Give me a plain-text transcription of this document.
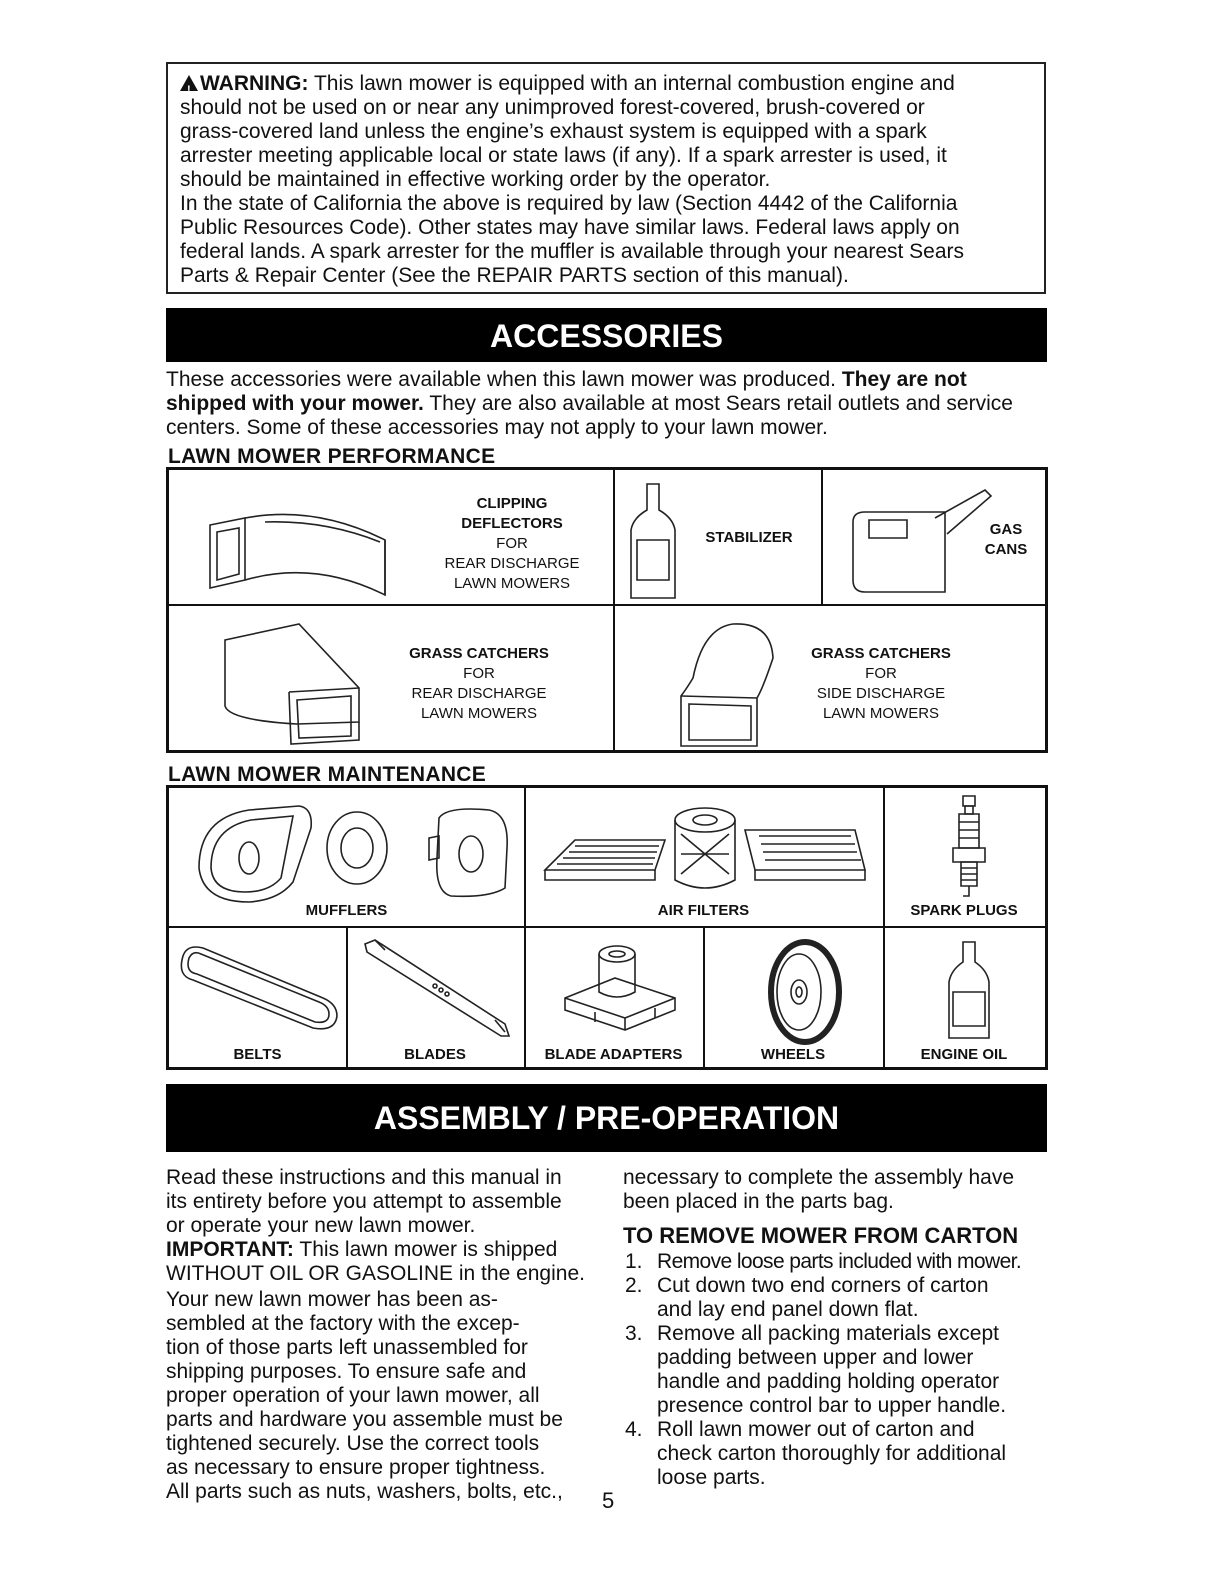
!WARNING: This lawn mower is equipped with an internal combustion engine and

should not be used on or near any unimproved forest-covered, brush-covered or

grass-covered land unless the engine’s exhaust system is equipped with a spark

arrester meeting applicable local or state laws (if any). If a spark arrester is used, it

should be maintained in effective working order by the operator.

In the state of California the above is required by law (Section 4442 of the California

Public Resources Code). Other states may have similar laws. Federal laws apply on

federal lands. A spark arrester for the muffler is available through your nearest Sears

Parts & Repair Center (See the REPAIR PARTS section of this manual).

ACCESSORIES
These accessories were available when this lawn mower was produced. They are not shipped with your mower. They are also available at most Sears retail outlets and service centers. Some of these accessories may not apply to your lawn mower.
LAWN MOWER PERFORMANCE
CLIPPING
DEFLECTORS
FOR
REAR DISCHARGE
LAWN MOWERS
STABILIZER	GAS
CANS
GRASS CATCHERS
FOR
REAR DISCHARGE
LAWN MOWERS
GRASS CATCHERS
FOR
SIDE DISCHARGE
LAWN MOWERS
LAWN MOWER MAINTENANCE
MUFFLERS	AIR FILTERS	SPARK PLUGS
BELTS	BLADES	BLADE ADAPTERS	WHEELS	ENGINE OIL
ASSEMBLY / PRE-OPERATION

Read these instructions and this manual in

its entirety before you attempt to assemble

or operate your new lawn mower.

IMPORTANT: This lawn mower is shipped

WITHOUT OIL OR GASOLINE in the engine.

Your new lawn mower has been as-

sembled at the factory with the excep-

tion of those parts left unassembled for

shipping purposes. To ensure safe and

proper operation of your lawn mower, all

parts and hardware you assemble must be

tightened securely. Use the correct tools

as necessary to ensure proper tightness.

All parts such as nuts, washers, bolts, etc.,	5

necessary to complete the assembly have

been placed in the parts bag.

TO REMOVE MOWER FROM CARTON
1. Remove loose parts included with mower.
2. Cut down two end corners of carton
and lay end panel down flat.
3. Remove all packing materials except
padding between upper and lower
handle and padding holding operator
presence control bar to upper handle.
4. Roll lawn mower out of carton and
check carton thoroughly for additional
loose parts.
